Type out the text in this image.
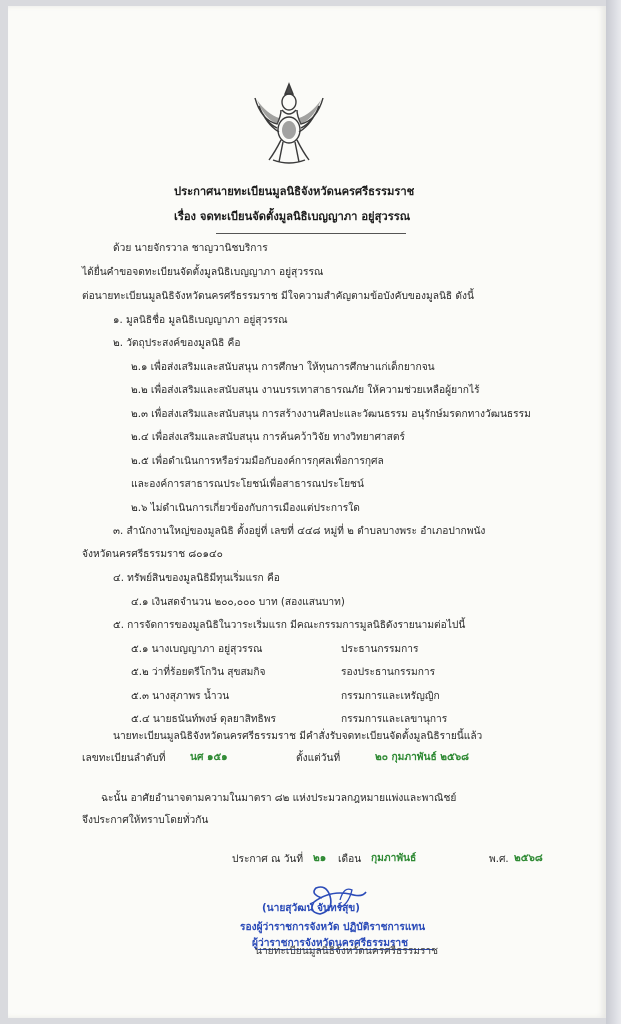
ประกาศนายทะเบียนมูลนิธิจังหวัดนครศรีธรรมราช
เรื่อง จดทะเบียนจัดตั้งมูลนิธิเบญญาภา อยู่สุวรรณ
ด้วย นายจักรวาล ชาญวานิชบริการ
ได้ยื่นคำขอจดทะเบียนจัดตั้งมูลนิธิเบญญาภา อยู่สุวรรณ
ต่อนายทะเบียนมูลนิธิจังหวัดนครศรีธรรมราช มีใจความสำคัญตามข้อบังคับของมูลนิธิ ดังนี้
๑. มูลนิธิชื่อ มูลนิธิเบญญาภา อยู่สุวรรณ
๒. วัตถุประสงค์ของมูลนิธิ คือ
๒.๑ เพื่อส่งเสริมและสนับสนุน การศึกษา ให้ทุนการศึกษาแก่เด็กยากจน
๒.๒ เพื่อส่งเสริมและสนับสนุน งานบรรเทาสาธารณภัย ให้ความช่วยเหลือผู้ยากไร้
๒.๓ เพื่อส่งเสริมและสนับสนุน การสร้างงานศิลปะและวัฒนธรรม อนุรักษ์มรดกทางวัฒนธรรม
๒.๔ เพื่อส่งเสริมและสนับสนุน การค้นคว้าวิจัย ทางวิทยาศาสตร์
๒.๕ เพื่อดำเนินการหรือร่วมมือกับองค์การกุศลเพื่อการกุศล
และองค์การสาธารณประโยชน์เพื่อสาธารณประโยชน์
๒.๖ ไม่ดำเนินการเกี่ยวข้องกับการเมืองแต่ประการใด
๓. สำนักงานใหญ่ของมูลนิธิ ตั้งอยู่ที่ เลขที่ ๔๔๘ หมู่ที่ ๒ ตำบลบางพระ อำเภอปากพนัง
จังหวัดนครศรีธรรมราช ๘๐๑๔๐
๔. ทรัพย์สินของมูลนิธิมีทุนเริ่มแรก คือ
๔.๑ เงินสดจำนวน ๒๐๐,๐๐๐ บาท (สองแสนบาท)
๕. การจัดการของมูลนิธิในวาระเริ่มแรก มีคณะกรรมการมูลนิธิดังรายนามต่อไปนี้
๕.๑ นางเบญญาภา อยู่สุวรรณ	ประธานกรรมการ
๕.๒ ว่าที่ร้อยตรีโกวิน สุขสมกิจ	รองประธานกรรมการ
๕.๓ นางสุภาพร น้ำวน	กรรมการและเหรัญญิก
๕.๔ นายธนันท์พงษ์ ดุลยาสิทธิพร	กรรมการและเลขานุการ
นายทะเบียนมูลนิธิจังหวัดนครศรีธรรมราช มีคำสั่งรับจดทะเบียนจัดตั้งมูลนิธิรายนี้แล้ว
เลขทะเบียนลำดับที่ นศ ๑๕๑	ตั้งแต่วันที่	๒๐ กุมภาพันธ์ ๒๕๖๘
ฉะนั้น อาศัยอำนาจตามความในมาตรา ๘๒ แห่งประมวลกฎหมายแพ่งและพาณิชย์
จึงประกาศให้ทราบโดยทั่วกัน
ประกาศ ณ วันที่ ๒๑ เดือน กุมภาพันธ์	พ.ศ. ๒๕๖๘
(นายสุวัฒน์ จันทร์สุข)
รองผู้ว่าราชการจังหวัด ปฏิบัติราชการแทน
ผู้ว่าราชการจังหวัดนครศรีธรรมราช
นายทะเบียนมูลนิธิจังหวัดนครศรีธรรมราช
